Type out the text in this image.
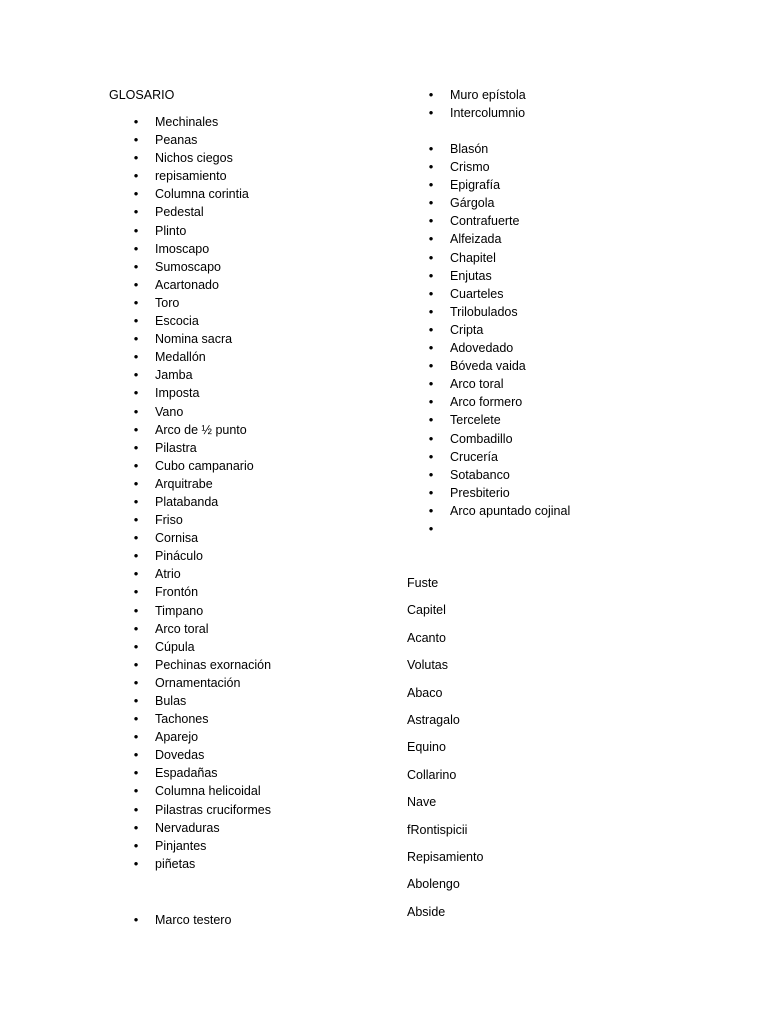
GLOSARIO
•
Mechinales
•
Peanas
•
Nichos ciegos
•
repisamiento
•
Columna corintia
•
Pedestal
•
Plinto
•
Imoscapo
•
Sumoscapo
•
Acartonado
•
Toro
•
Escocia
•
Nomina sacra
•
Medallón
•
Jamba
•
Imposta
•
Vano
•
Arco de ½ punto
•
Pilastra
•
Cubo campanario
•
Arquitrabe
•
Platabanda
•
Friso
•
Cornisa
•
Pináculo
•
Atrio
•
Frontón
•
Timpano
•
Arco toral
•
Cúpula
•
Pechinas exornación
•
Ornamentación
•
Bulas
•
Tachones
•
Aparejo
•
Dovedas
•
Espadañas
•
Columna helicoidal
•
Pilastras cruciformes
•
Nervaduras
•
Pinjantes
•
piñetas
•
Marco testero
•
Muro epístola
•
Intercolumnio
•
Blasón
•
Crismo
•
Epigrafía
•
Gárgola
•
Contrafuerte
•
Alfeizada
•
Chapitel
•
Enjutas
•
Cuarteles
•
Trilobulados
•
Cripta
•
Adovedado
•
Bóveda vaida
•
Arco toral
•
Arco formero
•
Tercelete
•
Combadillo
•
Crucería
•
Sotabanco
•
Presbiterio
•
Arco apuntado cojinal
•
Fuste
Capitel
Acanto
Volutas
Abaco
Astragalo
Equino
Collarino
Nave
fRontispicii
Repisamiento
Abolengo
Abside
